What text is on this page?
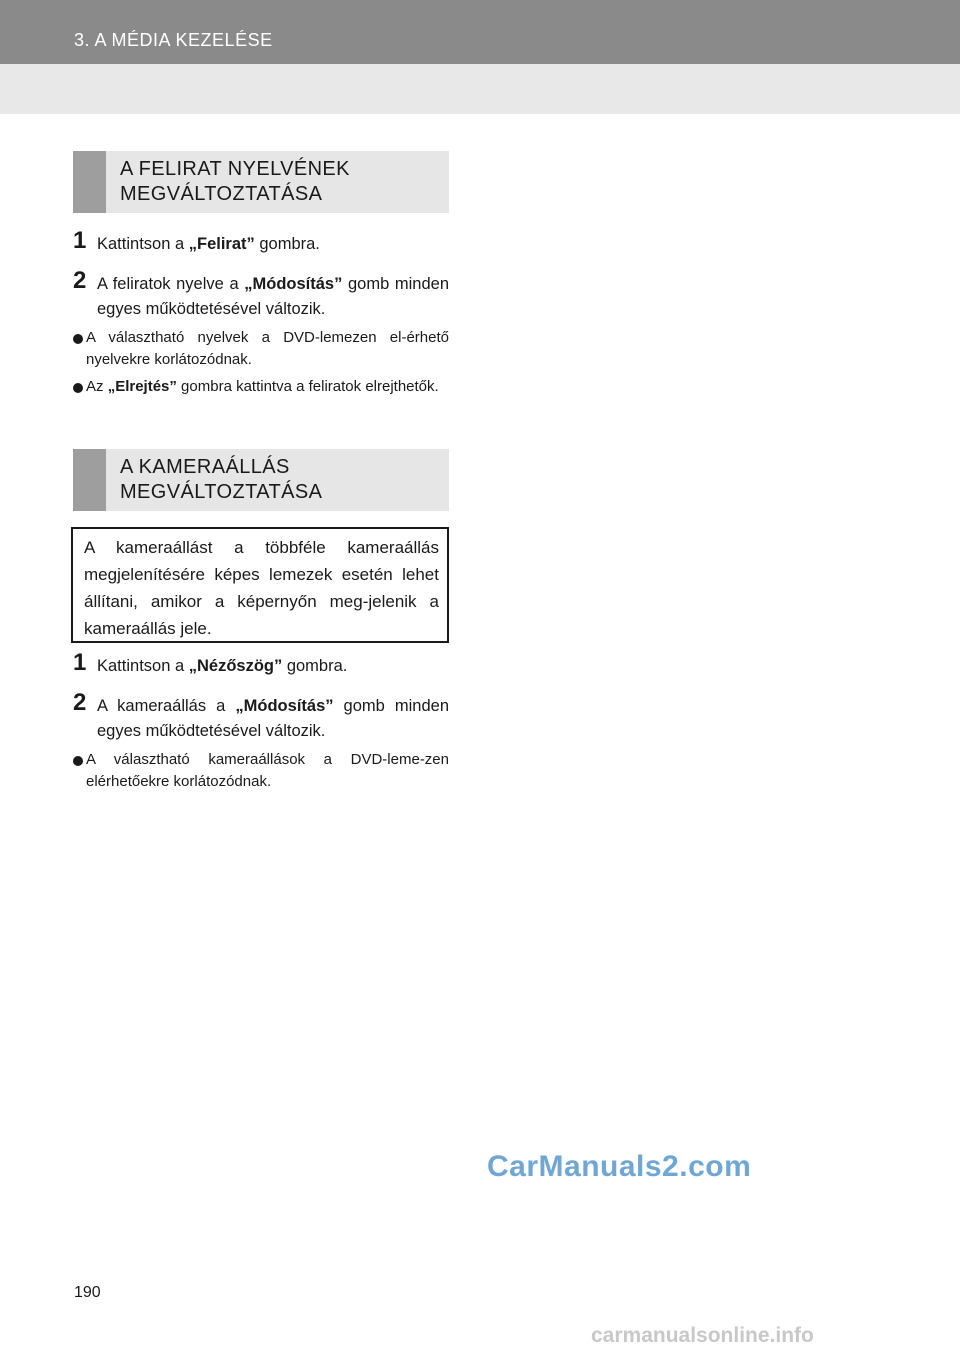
3. A MÉDIA KEZELÉSE
A FELIRAT NYELVÉNEK
MEGVÁLTOZTATÁSA
1 Kattintson a „Felirat” gombra.
2 A feliratok nyelve a „Módosítás” gomb minden egyes működtetésével változik.
A választható nyelvek a DVD-lemezen el-érhető nyelvekre korlátozódnak.
Az „Elrejtés” gombra kattintva a feliratok elrejthetők.
A KAMERAÁLLÁS
MEGVÁLTOZTATÁSA
A kameraállást a többféle kameraállás megjelenítésére képes lemezek esetén lehet állítani, amikor a képernyőn meg-jelenik a kameraállás jele.
1 Kattintson a „Nézőszög” gombra.
2 A kameraállás a „Módosítás” gomb minden egyes működtetésével változik.
A választható kameraállások a DVD-leme-zen elérhetőekre korlátozódnak.
CarManuals2.com
190
carmanualsonline.info
